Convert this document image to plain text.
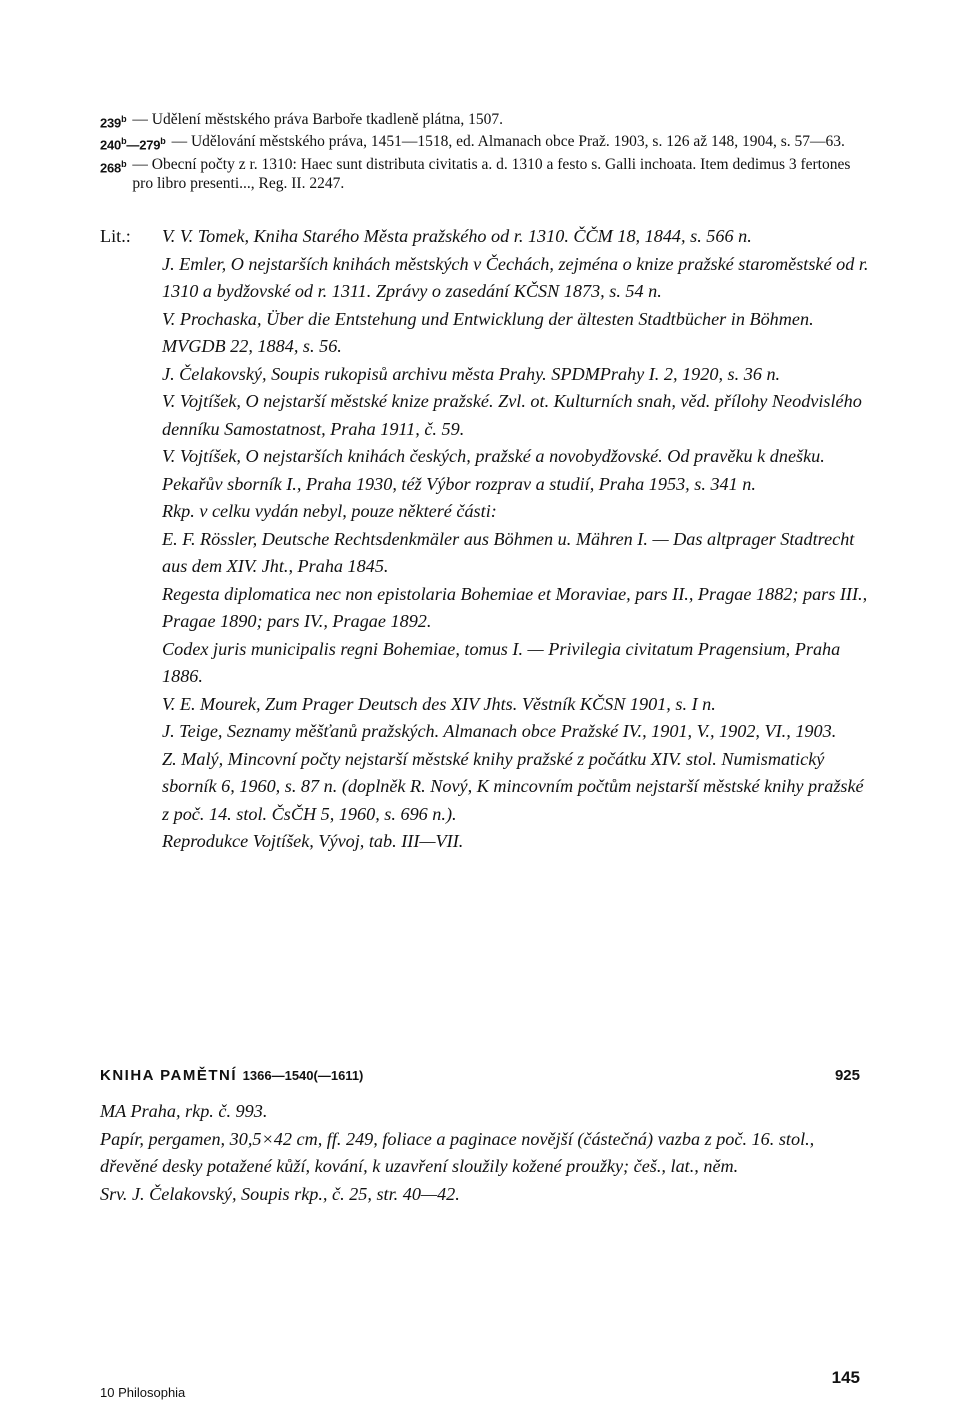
239$^b$ — Udělení městského práva Barboře tkadleně plátna, 1507.
240$^b$—279$^b$ — Udělování městského práva, 1451—1518, ed. Almanach obce Praž. 1903, s. 126 až 148, 1904, s. 57—63.
268$^b$ — Obecní počty z r. 1310: Haec sunt distributa civitatis a. d. 1310 a festo s. Galli inchoata. Item dedimus 3 fertones pro libro presenti..., Reg. II. 2247.
Lit.:	V. V. Tomek, Kniha Starého Města pražského od r. 1310. ČČM 18, 1844, s. 566 n.
J. Emler, O nejstarších knihách městských v Čechách, zejména o knize pražské staroměstské od r. 1310 a bydžovské od r. 1311. Zprávy o zasedání KČSN 1873, s. 54 n.
V. Prochaska, Über die Entstehung und Entwicklung der ältesten Stadtbücher in Böhmen. MVGDB 22, 1884, s. 56.
J. Čelakovský, Soupis rukopisů archivu města Prahy. SPDMPrahy I. 2, 1920, s. 36 n.
V. Vojtíšek, O nejstarší městské knize pražské. Zvl. ot. Kulturních snah, věd. přílohy Neodvislého denníku Samostatnost, Praha 1911, č. 59.
V. Vojtíšek, O nejstarších knihách českých, pražské a novobydžovské. Od pravěku k dnešku. Pekařův sborník I., Praha 1930, též Výbor rozprav a studií, Praha 1953, s. 341 n.
Rkp. v celku vydán nebyl, pouze některé části:
E. F. Rössler, Deutsche Rechtsdenkmäler aus Böhmen u. Mähren I. — Das altprager Stadtrecht aus dem XIV. Jht., Praha 1845.
Regesta diplomatica nec non epistolaria Bohemiae et Moraviae, pars II., Pragae 1882; pars III., Pragae 1890; pars IV., Pragae 1892.
Codex juris municipalis regni Bohemiae, tomus I. — Privilegia civitatum Pragensium, Praha 1886.
V. E. Mourek, Zum Prager Deutsch des XIV Jhts. Věstník KČSN 1901, s. I n.
J. Teige, Seznamy měšťanů pražských. Almanach obce Pražské IV., 1901, V., 1902, VI., 1903.
Z. Malý, Mincovní počty nejstarší městské knihy pražské z počátku XIV. stol. Numismatický sborník 6, 1960, s. 87 n. (doplněk R. Nový, K mincovním počtům nejstarší městské knihy pražské z poč. 14. stol. ČsČH 5, 1960, s. 696 n.).
Reprodukce Vojtíšek, Vývoj, tab. III—VII.
KNIHA PAMĚTNÍ 1366—1540(—1611)	925
MA Praha, rkp. č. 993.
Papír, pergamen, 30,5×42 cm, ff. 249, foliace a paginace novější (částečná) vazba z poč. 16. stol., dřevěné desky potažené kůží, kování, k uzavření sloužily kožené proužky; češ., lat., něm.
Srv. J. Čelakovský, Soupis rkp., č. 25, str. 40—42.
10 Philosophia
145
